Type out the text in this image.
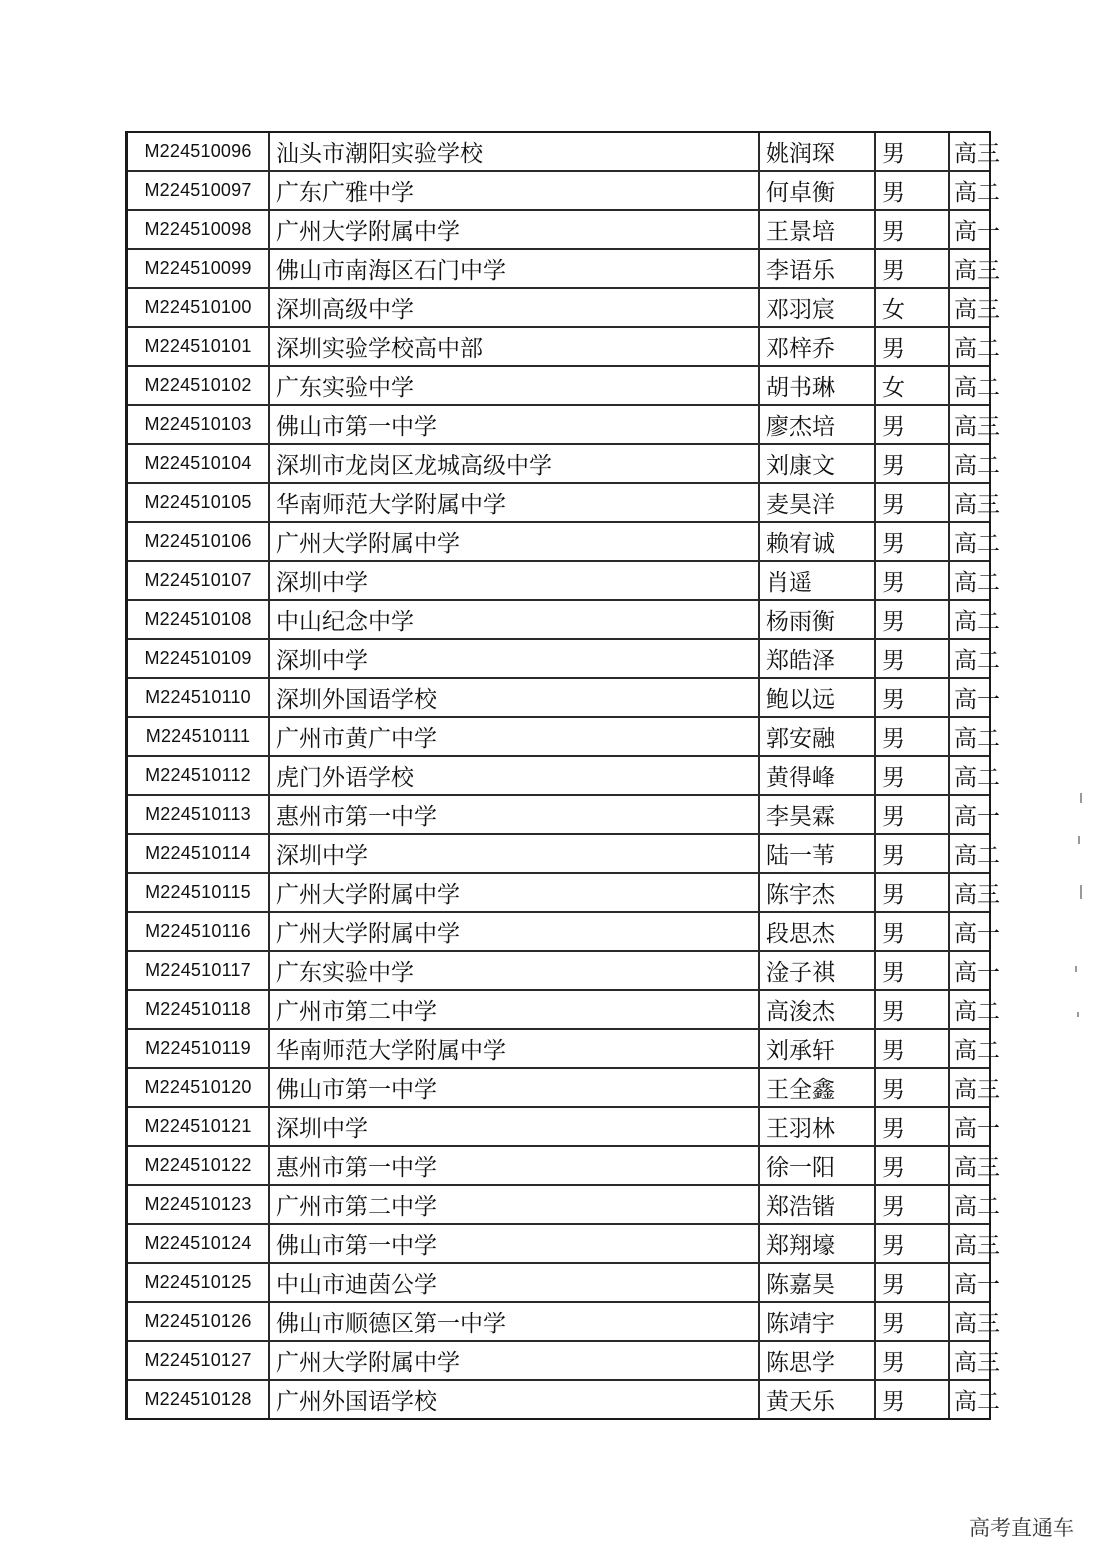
M224510096	汕头市潮阳实验学校	姚润琛	男	高三
M224510097	广东广雅中学	何卓衡	男	高二
M224510098	广州大学附属中学	王景培	男	高一
M224510099	佛山市南海区石门中学	李语乐	男	高三
M224510100	深圳高级中学	邓羽宸	女	高三
M224510101	深圳实验学校高中部	邓梓乔	男	高二
M224510102	广东实验中学	胡书琳	女	高二
M224510103	佛山市第一中学	廖杰培	男	高三
M224510104	深圳市龙岗区龙城高级中学	刘康文	男	高二
M224510105	华南师范大学附属中学	麦昊洋	男	高三
M224510106	广州大学附属中学	赖宥诚	男	高二
M224510107	深圳中学	肖遥	男	高二
M224510108	中山纪念中学	杨雨衡	男	高二
M224510109	深圳中学	郑皓泽	男	高二
M224510110	深圳外国语学校	鲍以远	男	高一
M224510111	广州市黄广中学	郭安融	男	高二
M224510112	虎门外语学校	黄得峰	男	高二
M224510113	惠州市第一中学	李昊霖	男	高一
M224510114	深圳中学	陆一苇	男	高二
M224510115	广州大学附属中学	陈宇杰	男	高三
M224510116	广州大学附属中学	段思杰	男	高一
M224510117	广东实验中学	淦子祺	男	高一
M224510118	广州市第二中学	高浚杰	男	高二
M224510119	华南师范大学附属中学	刘承轩	男	高二
M224510120	佛山市第一中学	王全鑫	男	高三
M224510121	深圳中学	王羽林	男	高一
M224510122	惠州市第一中学	徐一阳	男	高三
M224510123	广州市第二中学	郑浩锴	男	高二
M224510124	佛山市第一中学	郑翔壕	男	高三
M224510125	中山市迪茵公学	陈嘉昊	男	高一
M224510126	佛山市顺德区第一中学	陈靖宇	男	高三
M224510127	广州大学附属中学	陈思学	男	高三
M224510128	广州外国语学校	黄天乐	男	高二
高考直通车
